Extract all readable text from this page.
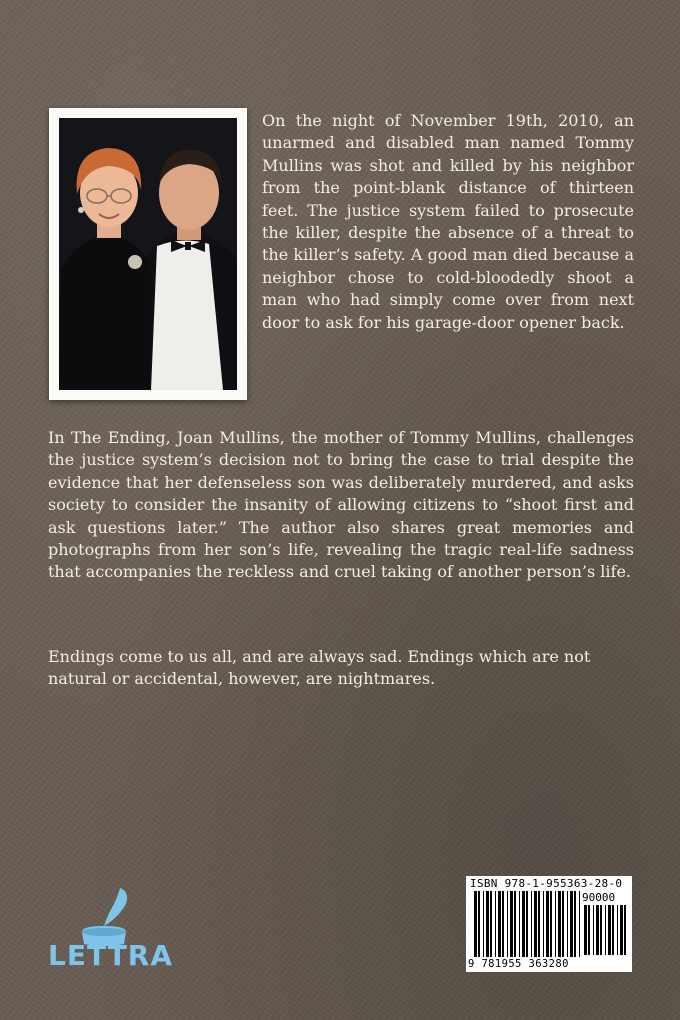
On the night of November 19th, 2010, an unarmed and disabled man named Tommy Mullins was shot and killed by his neighbor from the point-blank distance of thirteen feet. The justice system failed to prosecute the killer, despite the absence of a threat to the killer’s safety. A good man died because a neighbor chose to cold-bloodedly shoot a man who had simply come over from next door to ask for his garage-door opener back.

In The Ending, Joan Mullins, the mother of Tommy Mullins, challenges the justice system’s decision not to bring the case to trial despite the evidence that her defenseless son was deliberately murdered, and asks society to consider the insanity of allowing citizens to “shoot first and ask questions later.” The author also shares great memories and photographs from her son’s life, revealing the tragic real-life sadness that accompanies the reckless and cruel taking of another person’s life.

Endings come to us all, and are always sad. Endings which are not natural or accidental, however, are nightmares.

LETTRA
ISBN 978-1-955363-28-0
90000
9 781955 363280
